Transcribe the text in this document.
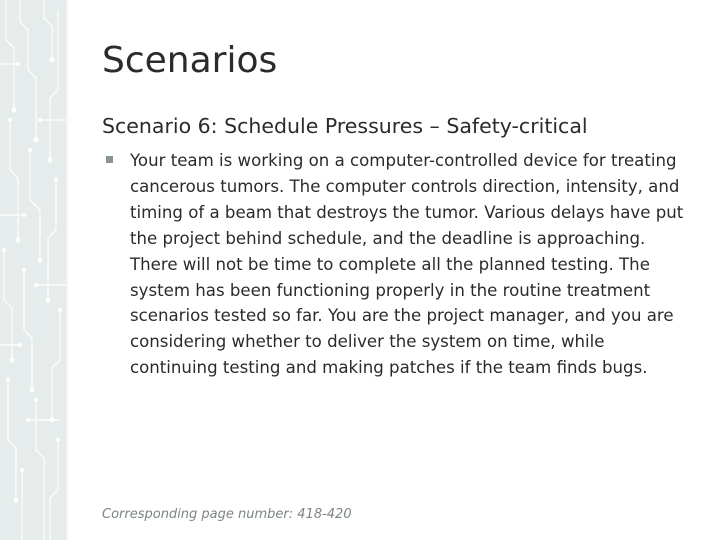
Scenarios
Scenario 6: Schedule Pressures – Safety-critical

Your team is working on a computer-controlled device for treating cancerous tumors. The computer controls direction, intensity, and timing of a beam that destroys the tumor. Various delays have put the project behind schedule, and the deadline is approaching. There will not be time to complete all the planned testing. The system has been functioning properly in the routine treatment scenarios tested so far. You are the project manager, and you are considering whether to deliver the system on time, while continuing testing and making patches if the team finds bugs.

Corresponding page number: 418-420
